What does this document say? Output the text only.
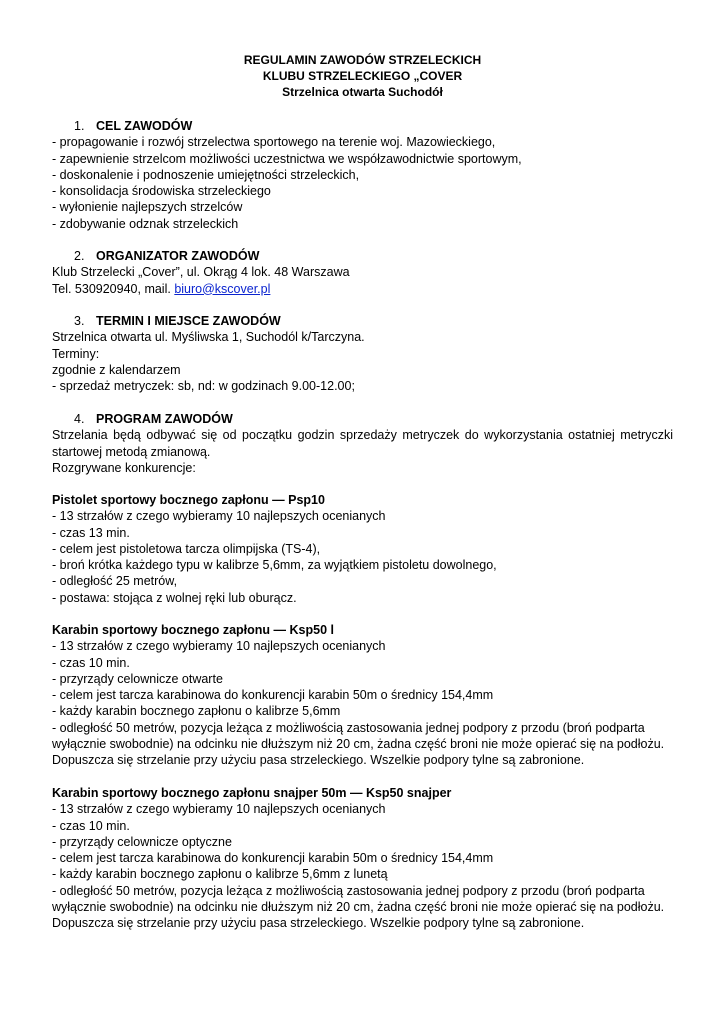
REGULAMIN ZAWODÓW STRZELECKICH
KLUBU STRZELECKIEGO „COVER
Strzelnica otwarta Suchodół
1. CEL ZAWODÓW
- propagowanie i rozwój strzelectwa sportowego na terenie woj. Mazowieckiego,
- zapewnienie strzelcom możliwości uczestnictwa we współzawodnictwie sportowym,
- doskonalenie i podnoszenie umiejętności strzeleckich,
- konsolidacja środowiska strzeleckiego
- wyłonienie najlepszych strzelców
- zdobywanie odznak strzeleckich
2. ORGANIZATOR ZAWODÓW
Klub Strzelecki „Cover”, ul. Okrąg 4 lok. 48 Warszawa
Tel. 530920940, mail. biuro@kscover.pl
3. TERMIN I MIEJSCE ZAWODÓW
Strzelnica otwarta ul. Myśliwska 1, Suchodól k/Tarczyna.
Terminy:
zgodnie z kalendarzem
- sprzedaż metryczek: sb, nd: w godzinach 9.00-12.00;
4. PROGRAM ZAWODÓW
Strzelania będą odbywać się od początku godzin sprzedaży metryczek do wykorzystania ostatniej metryczki
startowej metodą zmianową.
Rozgrywane konkurencje:
Pistolet sportowy bocznego zapłonu — Psp10
- 13 strzałów z czego wybieramy 10 najlepszych ocenianych
- czas 13 min.
- celem jest pistoletowa tarcza olimpijska (TS-4),
- broń krótka każdego typu w kalibrze 5,6mm, za wyjątkiem pistoletu dowolnego,
- odległość 25 metrów,
- postawa: stojąca z wolnej ręki lub oburącz.
Karabin sportowy bocznego zapłonu — Ksp50 l
- 13 strzałów z czego wybieramy 10 najlepszych ocenianych
- czas 10 min.
- przyrządy celownicze otwarte
- celem jest tarcza karabinowa do konkurencji karabin 50m o średnicy 154,4mm
- każdy karabin bocznego zapłonu o kalibrze 5,6mm
- odległość 50 metrów, pozycja leżąca z możliwością zastosowania jednej podpory z przodu (broń podparta
wyłącznie swobodnie) na odcinku nie dłuższym niż 20 cm, żadna część broni nie może opierać się na podłożu.
Dopuszcza się strzelanie przy użyciu pasa strzeleckiego. Wszelkie podpory tylne są zabronione.
Karabin sportowy bocznego zapłonu snajper 50m — Ksp50 snajper
- 13 strzałów z czego wybieramy 10 najlepszych ocenianych
- czas 10 min.
- przyrządy celownicze optyczne
- celem jest tarcza karabinowa do konkurencji karabin 50m o średnicy 154,4mm
- każdy karabin bocznego zapłonu o kalibrze 5,6mm z lunetą
- odległość 50 metrów, pozycja leżąca z możliwością zastosowania jednej podpory z przodu (broń podparta
wyłącznie swobodnie) na odcinku nie dłuższym niż 20 cm, żadna część broni nie może opierać się na podłożu.
Dopuszcza się strzelanie przy użyciu pasa strzeleckiego. Wszelkie podpory tylne są zabronione.
